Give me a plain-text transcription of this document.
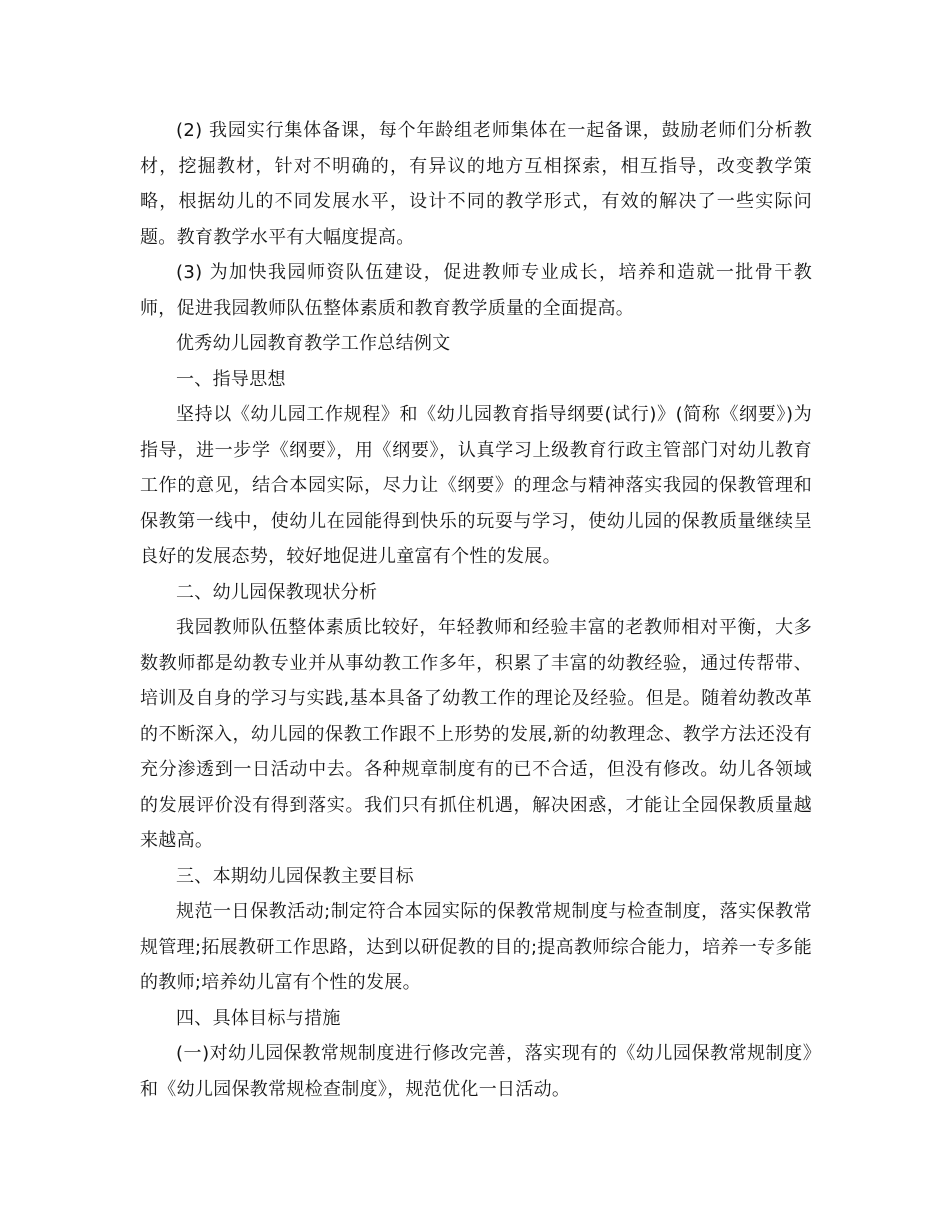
(2) 我园实行集体备课，每个年龄组老师集体在一起备课，鼓励老师们分析教材，挖掘教材，针对不明确的，有异议的地方互相探索，相互指导，改变教学策略，根据幼儿的不同发展水平，设计不同的教学形式，有效的解决了一些实际问题。教育教学水平有大幅度提高。

(3) 为加快我园师资队伍建设，促进教师专业成长，培养和造就一批骨干教师，促进我园教师队伍整体素质和教育教学质量的全面提高。

优秀幼儿园教育教学工作总结例文

一、指导思想

坚持以《幼儿园工作规程》和《幼儿园教育指导纲要(试行)》(简称《纲要》)为指导，进一步学《纲要》，用《纲要》，认真学习上级教育行政主管部门对幼儿教育工作的意见，结合本园实际，尽力让《纲要》的理念与精神落实我园的保教管理和保教第一线中，使幼儿在园能得到快乐的玩耍与学习，使幼儿园的保教质量继续呈良好的发展态势，较好地促进儿童富有个性的发展。

二、幼儿园保教现状分析

我园教师队伍整体素质比较好，年轻教师和经验丰富的老教师相对平衡，大多数教师都是幼教专业并从事幼教工作多年，积累了丰富的幼教经验，通过传帮带、培训及自身的学习与实践,基本具备了幼教工作的理论及经验。但是。随着幼教改革的不断深入，幼儿园的保教工作跟不上形势的发展,新的幼教理念、教学方法还没有充分渗透到一日活动中去。各种规章制度有的已不合适，但没有修改。幼儿各领域的发展评价没有得到落实。我们只有抓住机遇，解决困惑，才能让全园保教质量越来越高。

三、本期幼儿园保教主要目标

规范一日保教活动;制定符合本园实际的保教常规制度与检查制度，落实保教常规管理;拓展教研工作思路，达到以研促教的目的;提高教师综合能力，培养一专多能的教师;培养幼儿富有个性的发展。

四、具体目标与措施

(一)对幼儿园保教常规制度进行修改完善，落实现有的《幼儿园保教常规制度》和《幼儿园保教常规检查制度》，规范优化一日活动。
